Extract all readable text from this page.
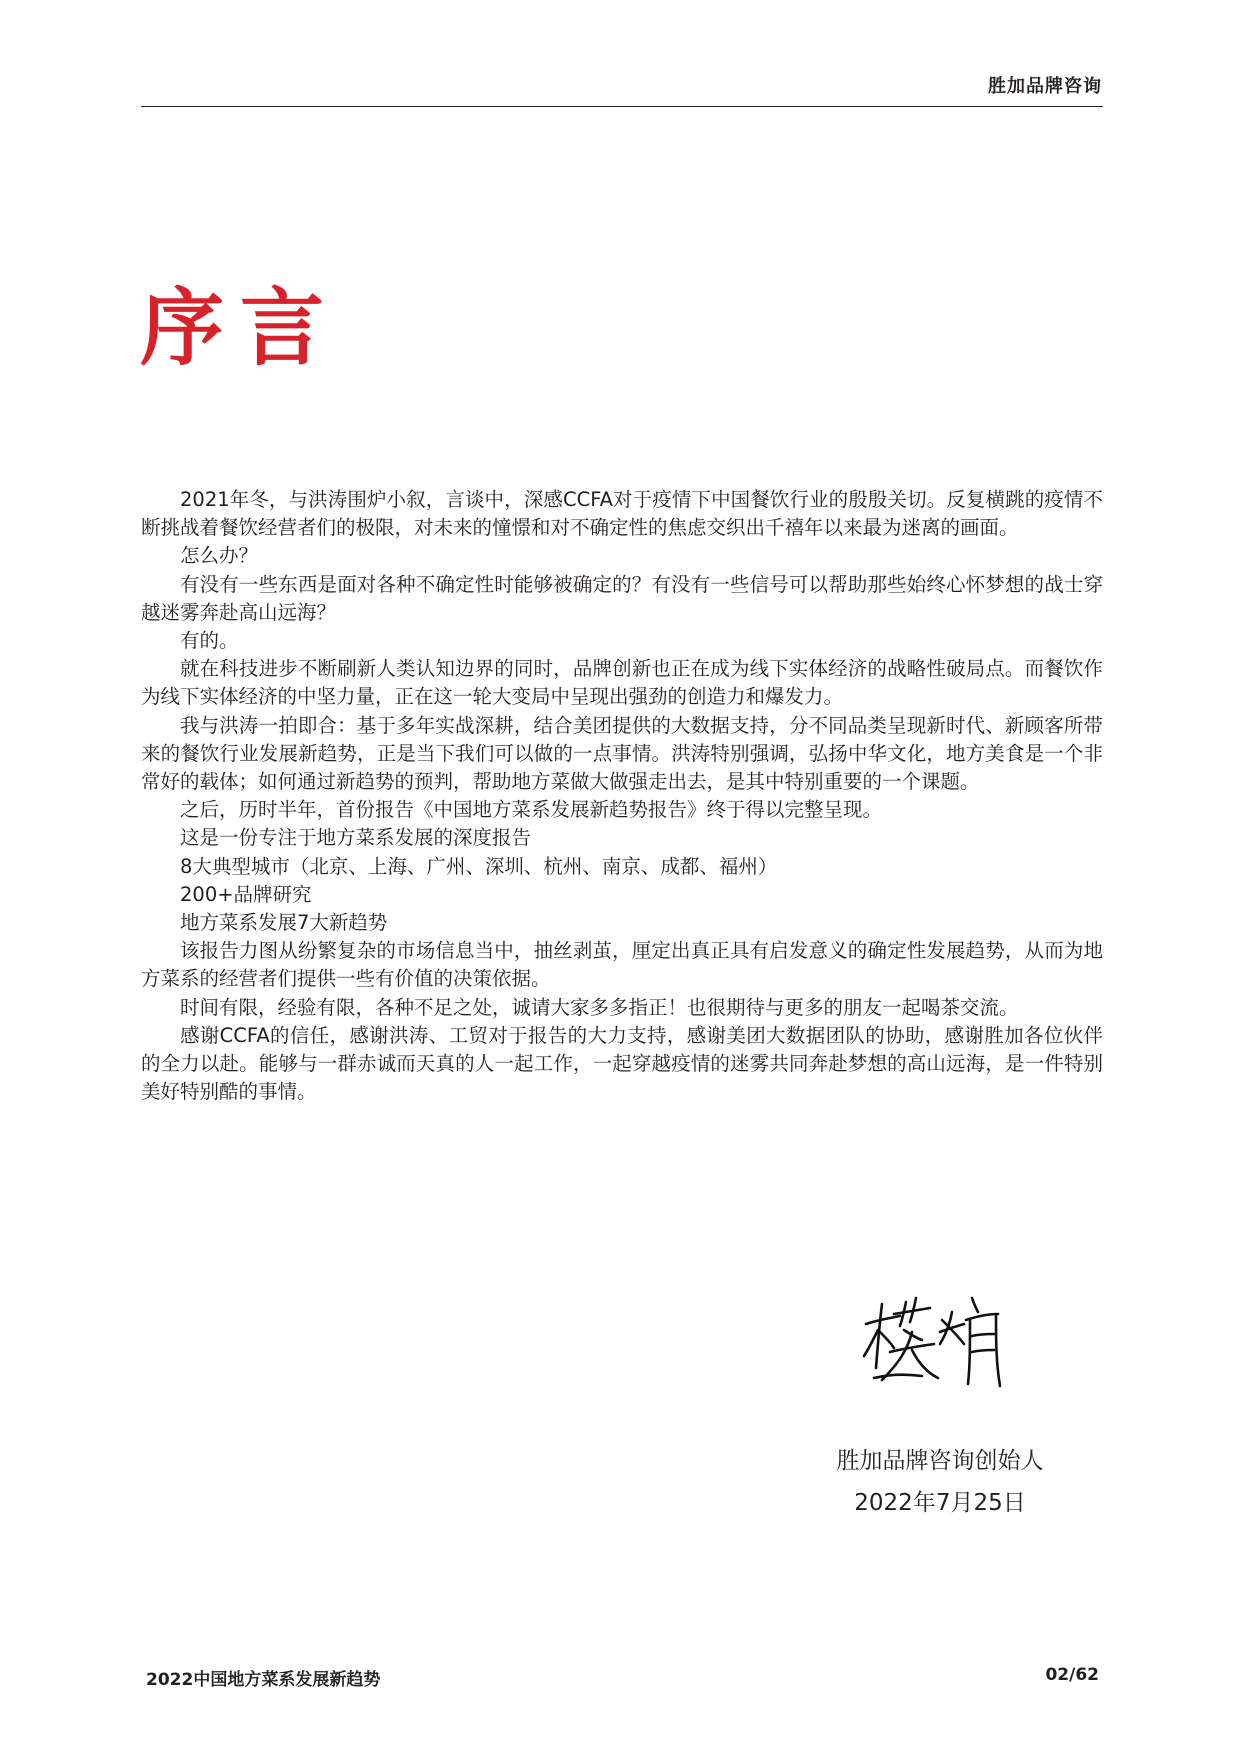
胜加品牌咨询
序言

2021年冬，与洪涛围炉小叙，言谈中，深感CCFA对于疫情下中国餐饮行业的殷殷关切。反复横跳的疫情不断挑战着餐饮经营者们的极限，对未来的憧憬和对不确定性的焦虑交织出千禧年以来最为迷离的画面。

怎么办？

有没有一些东西是面对各种不确定性时能够被确定的？有没有一些信号可以帮助那些始终心怀梦想的战士穿越迷雾奔赴高山远海？

有的。

就在科技进步不断刷新人类认知边界的同时，品牌创新也正在成为线下实体经济的战略性破局点。而餐饮作为线下实体经济的中坚力量，正在这一轮大变局中呈现出强劲的创造力和爆发力。

我与洪涛一拍即合：基于多年实战深耕，结合美团提供的大数据支持，分不同品类呈现新时代、新顾客所带来的餐饮行业发展新趋势，正是当下我们可以做的一点事情。洪涛特别强调，弘扬中华文化，地方美食是一个非常好的载体；如何通过新趋势的预判，帮助地方菜做大做强走出去，是其中特别重要的一个课题。

之后，历时半年，首份报告《中国地方菜系发展新趋势报告》终于得以完整呈现。

这是一份专注于地方菜系发展的深度报告

8大典型城市（北京、上海、广州、深圳、杭州、南京、成都、福州）

200+品牌研究

地方菜系发展7大新趋势

该报告力图从纷繁复杂的市场信息当中，抽丝剥茧，厘定出真正具有启发意义的确定性发展趋势，从而为地方菜系的经营者们提供一些有价值的决策依据。

时间有限，经验有限，各种不足之处，诚请大家多多指正！也很期待与更多的朋友一起喝茶交流。

感谢CCFA的信任，感谢洪涛、工贸对于报告的大力支持，感谢美团大数据团队的协助，感谢胜加各位伙伴的全力以赴。能够与一群赤诚而天真的人一起工作，一起穿越疫情的迷雾共同奔赴梦想的高山远海，是一件特别美好特别酷的事情。

胜加品牌咨询创始人
2022年7月25日
2022中国地方菜系发展新趋势	02/62
